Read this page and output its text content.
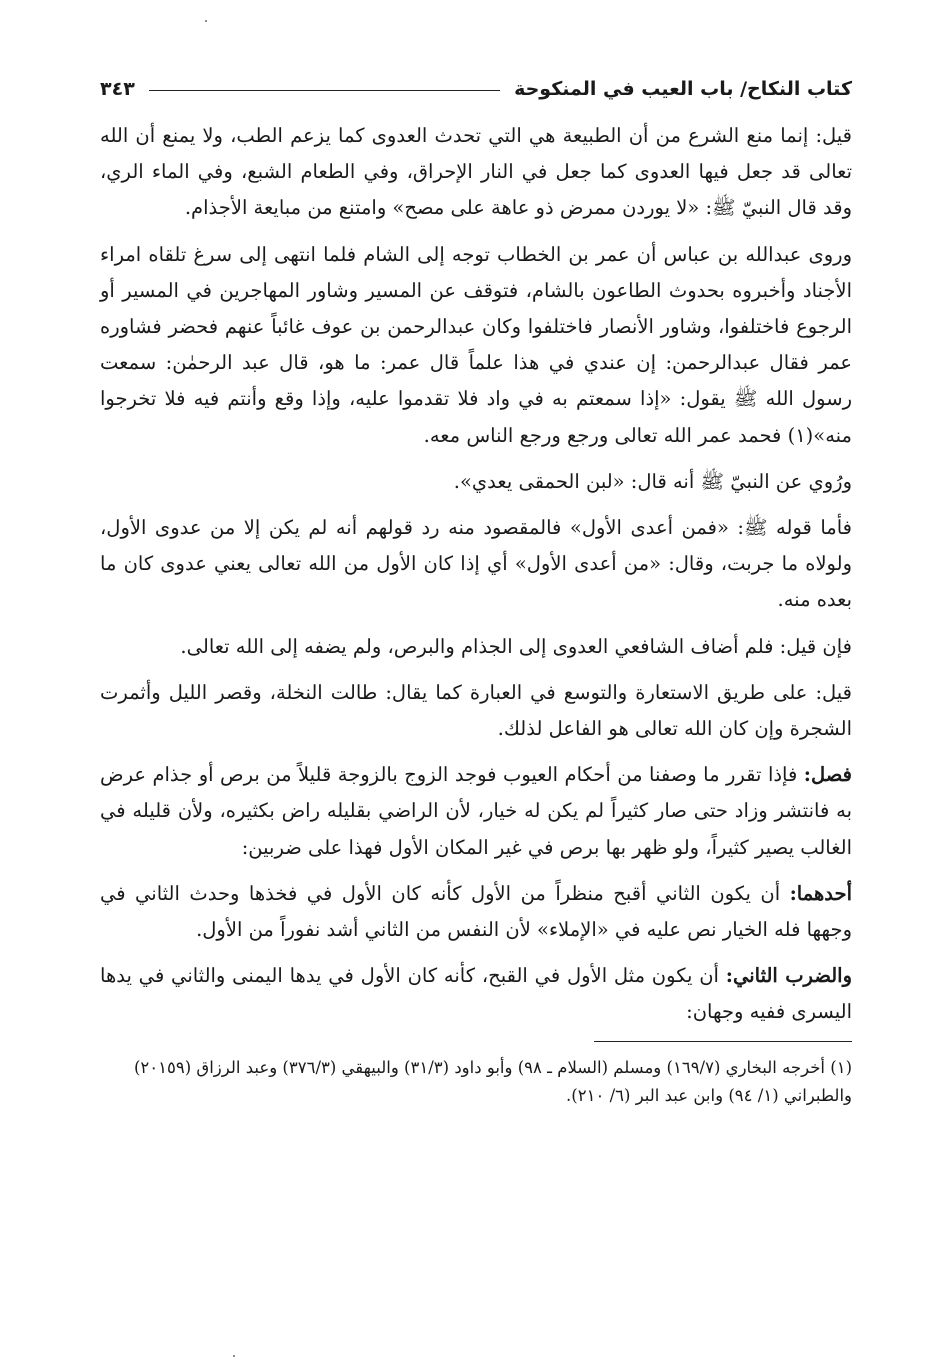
كتاب النكاح/ باب العيب في المنكوحة
٣٤٣

قيل: إنما منع الشرع من أن الطبيعة هي التي تحدث العدوى كما يزعم الطب، ولا يمنع أن الله تعالى قد جعل فيها العدوى كما جعل في النار الإحراق، وفي الطعام الشبع، وفي الماء الري، وقد قال النبيّ ﷺ: «لا يوردن ممرض ذو عاهة على مصح» وامتنع من مبايعة الأجذام.

وروى عبدالله بن عباس أن عمر بن الخطاب توجه إلى الشام فلما انتهى إلى سرغ تلقاه امراء الأجناد وأخبروه بحدوث الطاعون بالشام، فتوقف عن المسير وشاور المهاجرين في المسير أو الرجوع فاختلفوا، وشاور الأنصار فاختلفوا وكان عبدالرحمن بن عوف غائباً عنهم فحضر فشاوره عمر فقال عبدالرحمن: إن عندي في هذا علماً قال عمر: ما هو، قال عبد الرحمٰن: سمعت رسول الله ﷺ يقول: «إذا سمعتم به في واد فلا تقدموا عليه، وإذا وقع وأنتم فيه فلا تخرجوا منه»(١) فحمد عمر الله تعالى ورجع ورجع الناس معه.

ورُوي عن النبيّ ﷺ أنه قال: «لبن الحمقى يعدي».

فأما قوله ﷺ: «فمن أعدى الأول» فالمقصود منه رد قولهم أنه لم يكن إلا من عدوى الأول، ولولاه ما جربت، وقال: «من أعدى الأول» أي إذا كان الأول من الله تعالى يعني عدوى كان ما بعده منه.

فإن قيل: فلم أضاف الشافعي العدوى إلى الجذام والبرص، ولم يضفه إلى الله تعالى.

قيل: على طريق الاستعارة والتوسع في العبارة كما يقال: طالت النخلة، وقصر الليل وأثمرت الشجرة وإن كان الله تعالى هو الفاعل لذلك.

فصل: فإذا تقرر ما وصفنا من أحكام العيوب فوجد الزوج بالزوجة قليلاً من برص أو جذام عرض به فانتشر وزاد حتى صار كثيراً لم يكن له خيار، لأن الراضي بقليله راض بكثيره، ولأن قليله في الغالب يصير كثيراً، ولو ظهر بها برص في غير المكان الأول فهذا على ضربين:

أحدهما: أن يكون الثاني أقبح منظراً من الأول كأنه كان الأول في فخذها وحدث الثاني في وجهها فله الخيار نص عليه في «الإملاء» لأن النفس من الثاني أشد نفوراً من الأول.

والضرب الثاني: أن يكون مثل الأول في القبح، كأنه كان الأول في يدها اليمنى والثاني في يدها اليسرى ففيه وجهان:

(١) أخرجه البخاري (١٦٩/٧) ومسلم (السلام ـ ٩٨) وأبو داود (٣١/٣) والبيهقي (٣٧٦/٣) وعبد الرزاق (٢٠١٥٩) والطبراني (١/ ٩٤) وابن عبد البر (٦/ ٢١٠).
